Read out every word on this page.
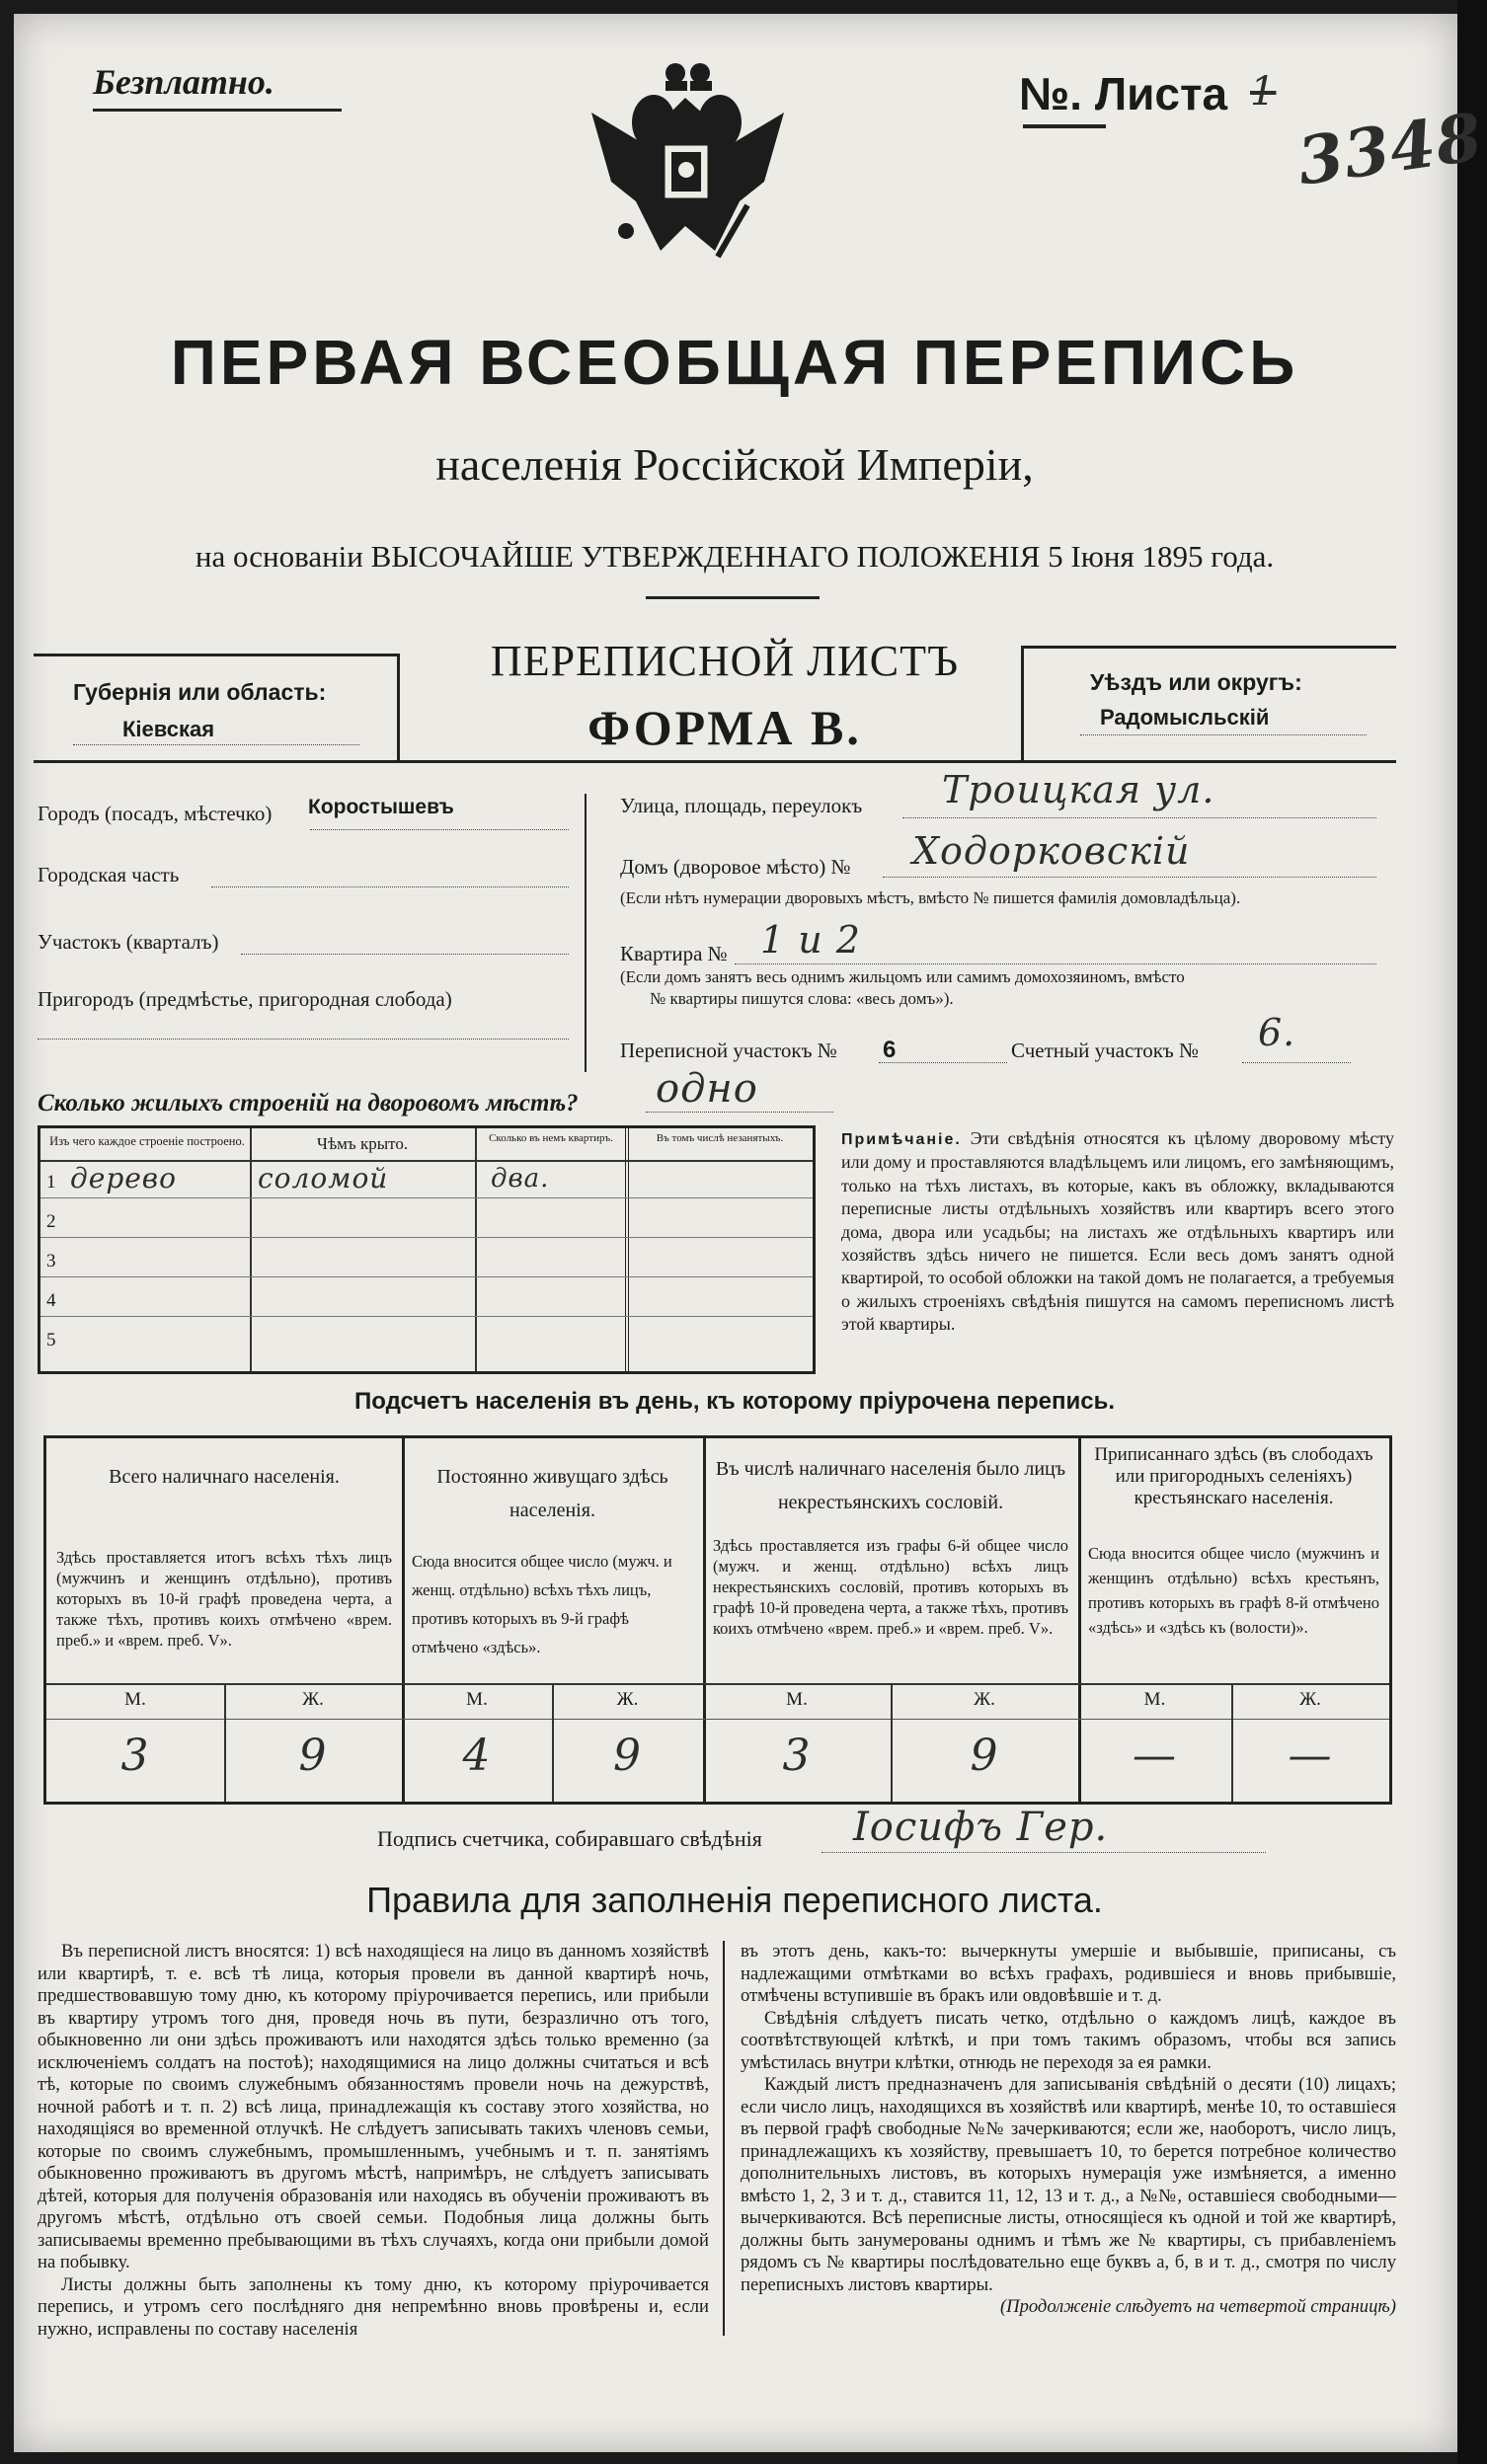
Безплатно.	№. Листа 1
3348
ПЕРВАЯ ВСЕОБЩАЯ ПЕРЕПИСЬ
населенія Россійской Имперіи,
на основаніи ВЫСОЧАЙШЕ УТВЕРЖДЕННАГО ПОЛОЖЕНІЯ 5 Іюня 1895 года.
Губернія или область:
Кіевская
ПЕРЕПИСНОЙ ЛИСТЪ
ФОРМА В.
Уѣздъ или округъ:
Радомысльскій
Городъ (посадъ, мѣстечко) Коростышевъ
Городская часть
Участокъ (кварталъ)
Пригородъ (предмѣстье, пригородная слобода)
Улица, площадь, переулокъ Троицкая ул.
Домъ (дворовое мѣсто) № Ходорковскій
(Если нѣтъ нумерации дворовыхъ мѣстъ, вмѣсто № пишется фамилія домовладѣльца).
Квартира № 1 и 2
(Если домъ занятъ весь однимъ жильцомъ или самимъ домохозяиномъ, вмѣсто
№ квартиры пишутся слова: «весь домъ»).
Переписной участокъ № 6	Счетный участокъ № 6.
Сколько жилыхъ строеній на дворовомъ мѣстѣ? одно
Изъ чего каждое строеніе построено.	Чѣмъ крыто.	Сколько въ немъ квартиръ.	Въ томъ числѣ незанятыхъ.
1 дерево	соломой	два.
2
3
4
5
Примѣчаніе. Эти свѣдѣнія относятся къ цѣлому дворовому мѣсту или дому и проставляются владѣльцемъ или лицомъ, его замѣняющимъ, только на тѣхъ листахъ, въ которые, какъ въ обложку, вкладываются переписные листы отдѣльныхъ хозяйствъ или квартиръ всего этого дома, двора или усадьбы; на листахъ же отдѣльныхъ квартиръ или хозяйствъ здѣсь ничего не пишется. Если весь домъ занятъ одной квартирой, то особой обложки на такой домъ не полагается, а требуемыя о жилыхъ строеніяхъ свѣдѣнія пишутся на самомъ переписномъ листѣ этой квартиры.
Подсчетъ населенія въ день, къ которому пріурочена перепись.
Всего наличнаго населенія.
Здѣсь проставляется итогъ всѣхъ тѣхъ лицъ (мужчинъ и женщинъ отдѣльно), противъ которыхъ въ 10-й графѣ проведена черта, а также тѣхъ, противъ коихъ отмѣчено «врем. преб.» и «врем. преб. V».
Постоянно живущаго здѣсь населенія.
Сюда вносится общее число (мужч. и женщ. отдѣльно) всѣхъ тѣхъ лицъ, противъ которыхъ въ 9-й графѣ отмѣчено «здѣсь».
Въ числѣ наличнаго населенія было лицъ некрестьянскихъ сословій.
Здѣсь проставляется изъ графы 6-й общее число (мужч. и женщ. отдѣльно) всѣхъ лицъ некрестьянскихъ сословій, противъ которыхъ въ графѣ 10-й проведена черта, а также тѣхъ, противъ коихъ отмѣчено «врем. преб.» и «врем. преб. V».
Приписаннаго здѣсь (въ слободахъ или пригородныхъ селеніяхъ) крестьянскаго населенія.
Сюда вносится общее число (мужчинъ и женщинъ отдѣльно) всѣхъ крестьянъ, противъ которыхъ въ графѣ 8-й отмѣчено «здѣсь» и «здѣсь къ (волости)».
М.	Ж.	М.	Ж.	М.	Ж.	М.	Ж.
3	9	4	9	3	9	—	—
Подпись счетчика, собиравшаго свѣдѣнія Іосифъ Гер.
Правила для заполненія переписного листа.
Въ переписной листъ вносятся: 1) всѣ находящіеся на лицо въ данномъ хозяйствѣ или квартирѣ, т. е. всѣ тѣ лица, которыя провели въ данной квартирѣ ночь, предшествовавшую тому дню, къ которому пріурочивается перепись, или прибыли въ квартиру утромъ того дня, проведя ночь въ пути, безразлично отъ того, обыкновенно ли они здѣсь проживаютъ или находятся здѣсь только временно (за исключеніемъ солдатъ на постоѣ); находящимися на лицо должны считаться и всѣ тѣ, которые по своимъ служебнымъ обязанностямъ провели ночь на дежурствѣ, ночной работѣ и т. п. 2) всѣ лица, принадлежащія къ составу этого хозяйства, но находящіяся во временной отлучкѣ. Не слѣдуетъ записывать такихъ членовъ семьи, которые по своимъ служебнымъ, промышленнымъ, учебнымъ и т. п. занятіямъ обыкновенно проживаютъ въ другомъ мѣстѣ, напримѣръ, не слѣдуетъ записывать дѣтей, которыя для полученія образованія или находясь въ обученіи проживаютъ въ другомъ мѣстѣ, отдѣльно отъ своей семьи. Подобныя лица должны быть записываемы временно пребывающими въ тѣхъ случаяхъ, когда они прибыли домой на побывку.
Листы должны быть заполнены къ тому дню, къ которому пріурочивается перепись, и утромъ сего послѣдняго дня непремѣнно вновь провѣрены и, если нужно, исправлены по составу населенія
въ этотъ день, какъ-то: вычеркнуты умершіе и выбывшіе, приписаны, съ надлежащими отмѣтками во всѣхъ графахъ, родившіеся и вновь прибывшіе, отмѣчены вступившіе въ бракъ или овдовѣвшіе и т. д.
Свѣдѣнія слѣдуетъ писать четко, отдѣльно о каждомъ лицѣ, каждое въ соотвѣтствующей клѣткѣ, и при томъ такимъ образомъ, чтобы вся запись умѣстилась внутри клѣтки, отнюдь не переходя за ея рамки.
Каждый листъ предназначенъ для записыванія свѣдѣній о десяти (10) лицахъ; если число лицъ, находящихся въ хозяйствѣ или квартирѣ, менѣе 10, то оставшіеся въ первой графѣ свободные №№ зачеркиваются; если же, наоборотъ, число лицъ, принадлежащихъ къ хозяйству, превышаетъ 10, то берется потребное количество дополнительныхъ листовъ, въ которыхъ нумерація уже измѣняется, а именно вмѣсто 1, 2, 3 и т. д., ставится 11, 12, 13 и т. д., а №№, оставшіеся свободными—вычеркиваются. Всѣ переписные листы, относящіеся къ одной и той же квартирѣ, должны быть занумерованы однимъ и тѣмъ же № квартиры, съ прибавленіемъ рядомъ съ № квартиры послѣдовательно еще буквъ а, б, в и т. д., смотря по числу переписныхъ листовъ квартиры.
(Продолженіе слѣдуетъ на четвертой страницѣ)
